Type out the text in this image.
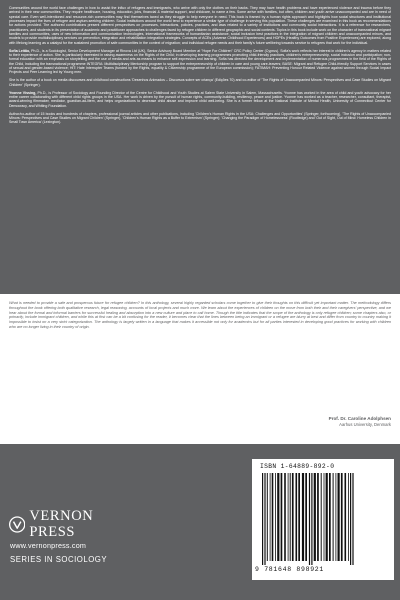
Communities around the world face challenges in how to assist the influx of refugees and immigrants, who arrive with only the clothes on their backs. They may have health problems and have experienced violence and trauma before they arrived in their new communities. They require healthcare, housing, education, jobs, financial & material support, and childcare, to name a few. Some arrive with families, but often, children and youth arrive unaccompanied and are in need of special care. Even well-intentioned and resource-rich communities may find themselves taxed as they struggle to help everyone in need. This book is framed by a human rights approach and highlights how social structures and institutional processes impact the lives of refugee and asylum-seeking children. Social institutions around the world tend to experience a similar type of challenge in serving this population. These challenges are examined in this book as recommendations for actions provided. The authored contributions present different perspectives on processes, interactions, policies, practices, and laws related to a variety of institutions and community social interactions. It is a reference for researchers, practitioners, and students in its presentation of academic and practitioner approaches to challenges faced by refugee children in different geographic and social contexts. Topics in this book include work on the character of transnational migrant families and communities, uses of new information and communication technologies, international frameworks of humanitarian assistance, social inclusion best practices in the integration of migrant children and unaccompanied minors, and models to provide multidisciplinary services on prevention, integration and rehabilitation integration strategies. Concepts of ACEs (Adverse Childhood Experiences) and HOPEs (Healthy Outcomes from Positive Experiences) are explored, along with lifelong learning as a catalyst for the sustained promotion of safe communities in the context of migration; and individual refugee needs and their family's future wellbeing towards service to refugees that work for the individual.

Sofia Leitão, Ph.D., is a Sociologist, Senior Development Manager at Rinova Ltd (UK), Senior Advisory Board Member at "Hope For Children" CRC Policy Center (Cyprus). Sofia's work reflects her interest in children's agency in matters related to their experience of action. She is particularly interested in raising awareness on the Rights of the Child; in developing learning programmes promoting child-friendly practices, children's entrepreneurship, social inclusion and participation; non-formal education with an emphasis on storytelling and the use of media and arts as means to enhance self-expression and learning. Sofia has directed the development and implementation of numerous programmes in the field of the Rights of the Child, including the transnational programme INTEGRA: Multidisciplinary Mentorship program to support the entrepreneurship of children in care and young care-leavers; BASE: Migrant and Refugee Child-friendly Support Services in cases of sexual and gender-based violence; HIT: Hate Interrupter Teams (funded by the Rights, equality & Citizenship programme of the European commission); FATIMAH: Preventing Honour Related Violence against women through Social Impact Projects and Peer Learning led by Young men.

She is the author of a book on media discourses and childhood constructions 'Desenhos Animados – Discursos sobre ser criança' (Edições 70) and co-editor of 'The Rights of Unaccompanied Minors: Perspectives and Case Studies on Migrant Children' (Springer).

Yvonne Vissing, Ph.D., is Professor of Sociology and Founding Director of the Centre for Childhood and Youth Studies at Salem State University in Salem, Massachusetts. Yvonne has worked in the area of child and youth advocacy for her entire career collaborating with different child rights groups in the USA. Her work is driven by the pursuit of human rights, community-building, resiliency, peace and justice. Yvonne has worked as a teacher, researcher, consultant, therapist, award-winning filmmaker, mediator, guardian-ad-litem, and helps organizations to decrease child abuse and improve child well-being. She is a former fellow at the National Institute of Mental Health, University of Connecticut Center for Democracy, and Whiting Foundation.

Author/co-author of 15 books and hundreds of chapters, professional journal articles and other publications, including 'Children's Human Rights in the USA: Challenges and Opportunities' (Springer, forthcoming), 'The Rights of Unaccompanied Minors: Perspectives and Case Studies on Migrant Children' (Springer), 'Children's Human Rights as a Buffer to Extremism' (Springer); 'Changing the Paradigm of Homelessness' (Routledge) and 'Out of Sight, Out of Mind: Homeless Children in Small Town America' (Lexington).

What is needed to provide a safe and prosperous future for refugee children? In this anthology, several highly regarded scholars come together to give their thoughts on this difficult yet important matter. The methodology differs throughout the book offering both qualitative research, legal reasoning, accounts of local projects and much more. We learn about the experiences of children on the move from both their and their caregivers' perspective, and we hear about the formal and informal barriers for successful healing and absorption into a new culture and place to call home. Though the title indicates that the scope of the anthology is only refugee children; some chapters also, or primarily, include immigrant children, and while this at first can be a bit confusing for the reader, it becomes clear that the lines between being an immigrant or a refugee are blurry at best and differ from country to country making it impossible to insist on a very strict categorization. The anthology is largely written in a language that makes it accessible not only for academics but for all parties interested in developing good practices for working with children who are no longer living in their country of origin.

Prof. Dr. Caroline Adolphsen
Aarhus University, Denmark
VERNON PRESS
www.vernonpress.com
SERIES IN SOCIOLOGY
ISBN 1-64889-892-0
9 781648 898921
